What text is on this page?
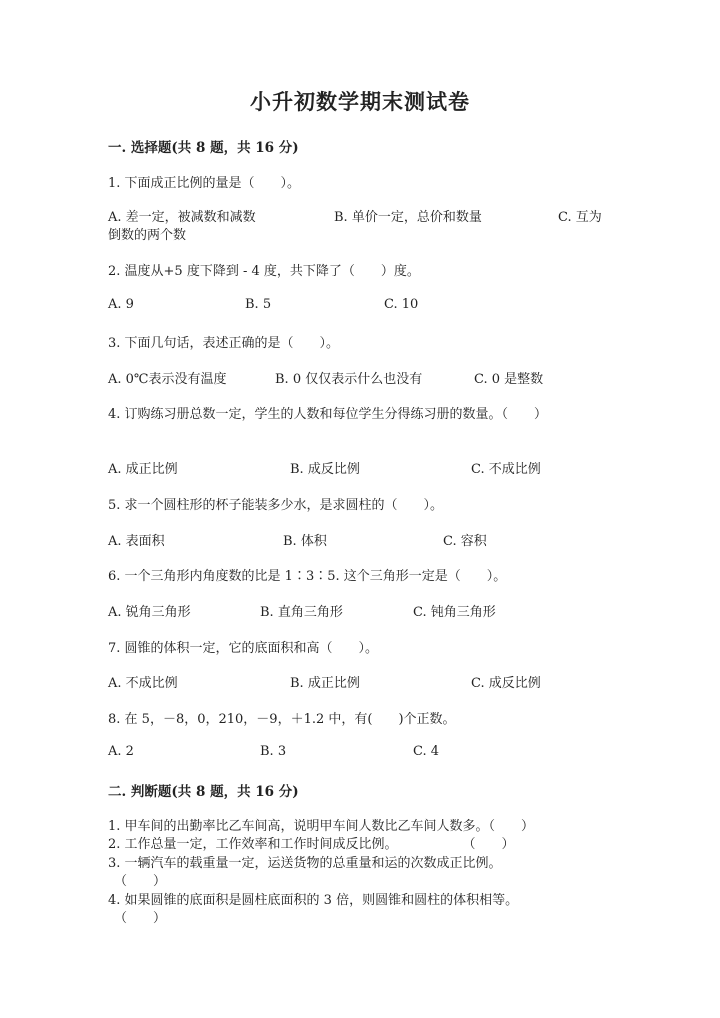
小升初数学期末测试卷
一. 选择题(共 8 题，共 16 分)
1. 下面成正比例的量是（　　）。
A. 差一定，被减数和减数	B. 单价一定，总价和数量	C. 互为
倒数的两个数
2. 温度从+5 度下降到 - 4 度，共下降了（　　）度。
A. 9	B. 5	C. 10
3. 下面几句话，表述正确的是（　　）。
A. 0℃表示没有温度	B. 0 仅仅表示什么也没有	C. 0 是整数
4. 订购练习册总数一定，学生的人数和每位学生分得练习册的数量。（　　）
A. 成正比例	B. 成反比例	C. 不成比例
5. 求一个圆柱形的杯子能装多少水，是求圆柱的（　　）。
A. 表面积	B. 体积	C. 容积
6. 一个三角形内角度数的比是 1∶3∶5. 这个三角形一定是（　　）。
A. 锐角三角形	B. 直角三角形	C. 钝角三角形
7. 圆锥的体积一定，它的底面积和高（　　）。
A. 不成比例	B. 成正比例	C. 成反比例
8. 在 5，－8，0，210，－9，＋1.2 中，有(　　)个正数。
A. 2	B. 3	C. 4
二. 判断题(共 8 题，共 16 分)
1. 甲车间的出勤率比乙车间高，说明甲车间人数比乙车间人数多。（　　）
2. 工作总量一定，工作效率和工作时间成反比例。　　　　　　（　　）
3. 一辆汽车的载重量一定，运送货物的总重量和运的次数成正比例。
（　　）
4. 如果圆锥的底面积是圆柱底面积的 3 倍，则圆锥和圆柱的体积相等。
（　　）
